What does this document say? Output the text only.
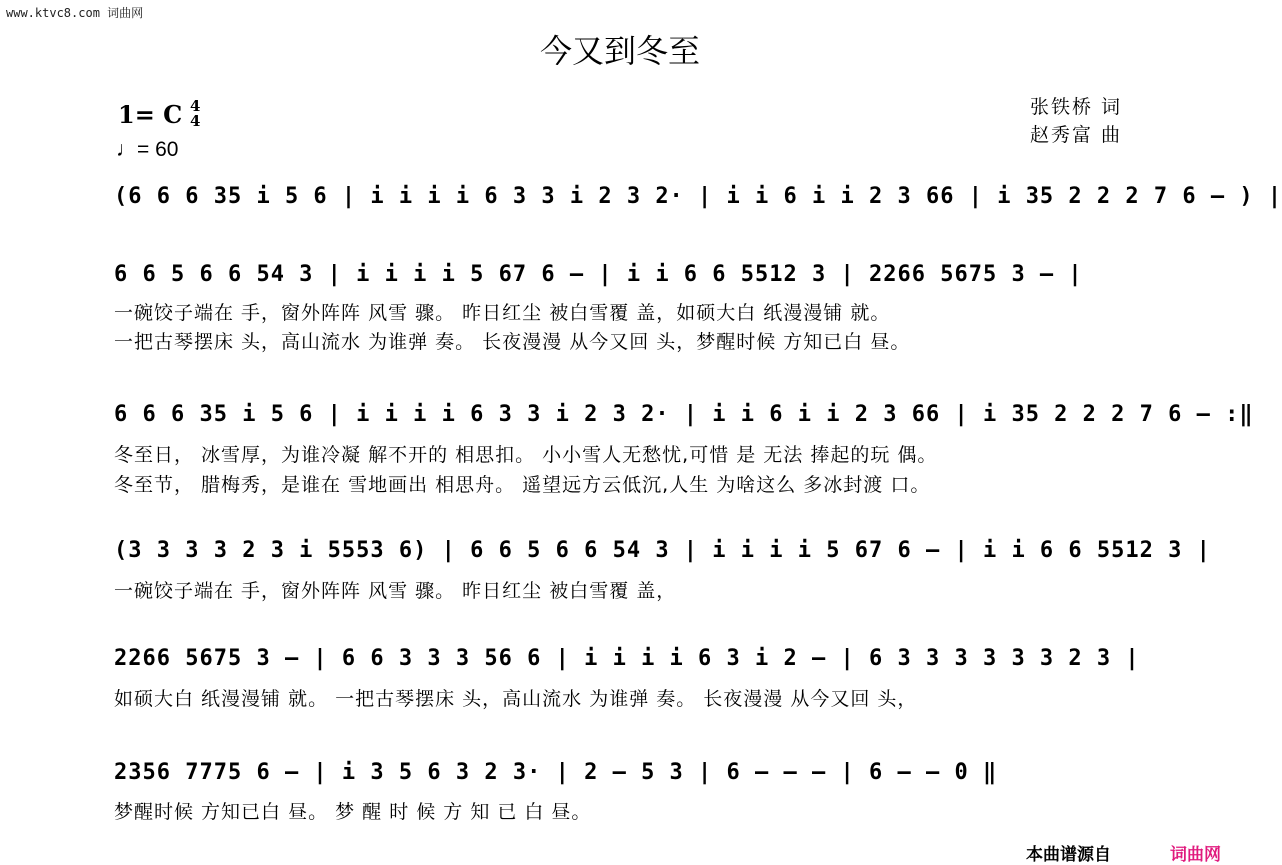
www.ktvc8.com 词曲网
今又到冬至
1= C 4
4
♩= 60
张铁桥 词
赵秀富 曲
(6 6 6 35 i 5 6 | i i i i 6 3 3 i 2 3 2· | i i 6 i i 2 3 66 | i 35 2 2 2 7 6 – ) |
6 6 5 6 6 54 3 | i i i i 5 67 6 – | i i 6 6 5512 3 | 2266 5675 3 – |
一碗饺子端在 手，窗外阵阵 风雪 骤。 昨日红尘 被白雪覆 盖，如硕大白 纸漫漫铺 就。
一把古琴摆床 头，高山流水 为谁弹 奏。 长夜漫漫 从今又回 头，梦醒时候 方知已白 昼。
6 6 6 35 i 5 6 | i i i i 6 3 3 i 2 3 2· | i i 6 i i 2 3 66 | i 35 2 2 2 7 6 – :‖
冬至日， 冰雪厚，为谁冷凝 解不开的 相思扣。 小小雪人无愁忧,可惜 是 无法 捧起的玩 偶。
冬至节， 腊梅秀，是谁在 雪地画出 相思舟。 遥望远方云低沉,人生 为啥这么 多冰封渡 口。
(3 3 3 3 2 3 i 5553 6) | 6 6 5 6 6 54 3 | i i i i 5 67 6 – | i i 6 6 5512 3 |
一碗饺子端在 手，窗外阵阵 风雪 骤。 昨日红尘 被白雪覆 盖，
2266 5675 3 – | 6 6 3 3 3 56 6 | i i i i 6 3 i 2 – | 6 3 3 3 3 3 3 2 3 |
如硕大白 纸漫漫铺 就。 一把古琴摆床 头，高山流水 为谁弹 奏。 长夜漫漫 从今又回 头，
2356 7775 6 – | i 3 5 6 3 2 3· | 2 – 5 3 | 6 – – – | 6 – – 0 ‖
梦醒时候 方知已白 昼。 梦 醒 时 候 方 知 已 白 昼。
本曲谱源自	词曲网
